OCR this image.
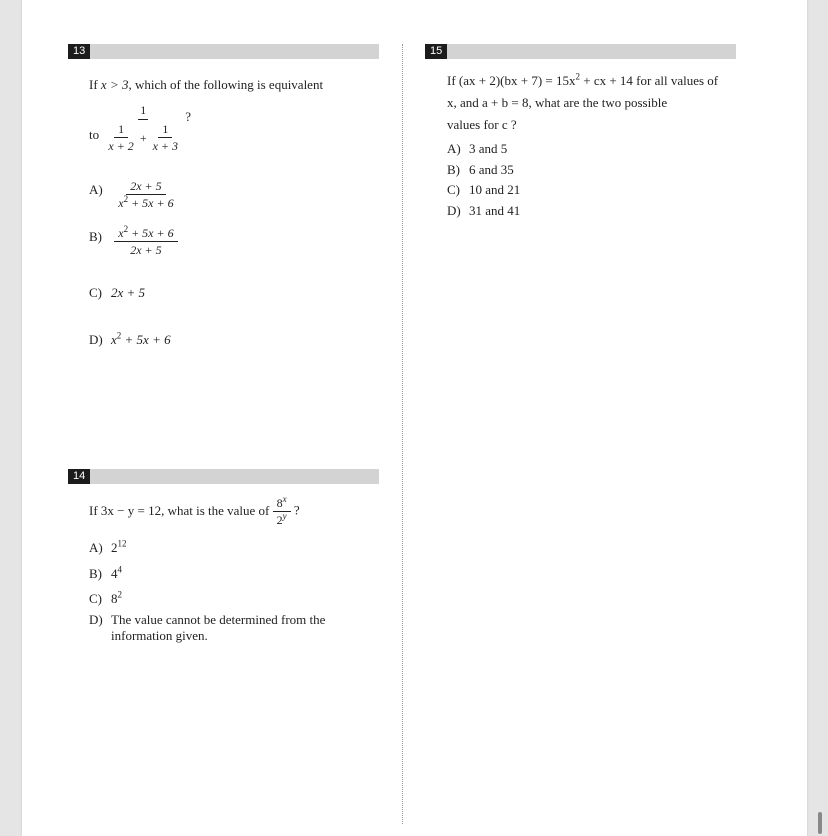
13
If x > 3, which of the following is equivalent
to
1
$\frac{1}{x + 2} + \frac{1}{x + 3}$
?
$A) \frac{2x + 5}{x^2 + 5x + 6}$
$B) \frac{x^2 + 5x + 6}{2x + 5}$
C) 2x + 5
D) $x^2 + 5x + 6$
14
If 3x − y = 12, what is the value of $\frac{8^x}{2^y}$ ?
A) $2^{12}$
B) $4^4$
C) $8^2$
D) The value cannot be determined from the
information given.
15
If $(ax + 2)(bx + 7) = 15x^2$ + cx + 14 for all values of
x, and a + b = 8, what are the two possible
values for c ?
A) 3 and 5
B) 6 and 35
C) 10 and 21
D) 31 and 41
